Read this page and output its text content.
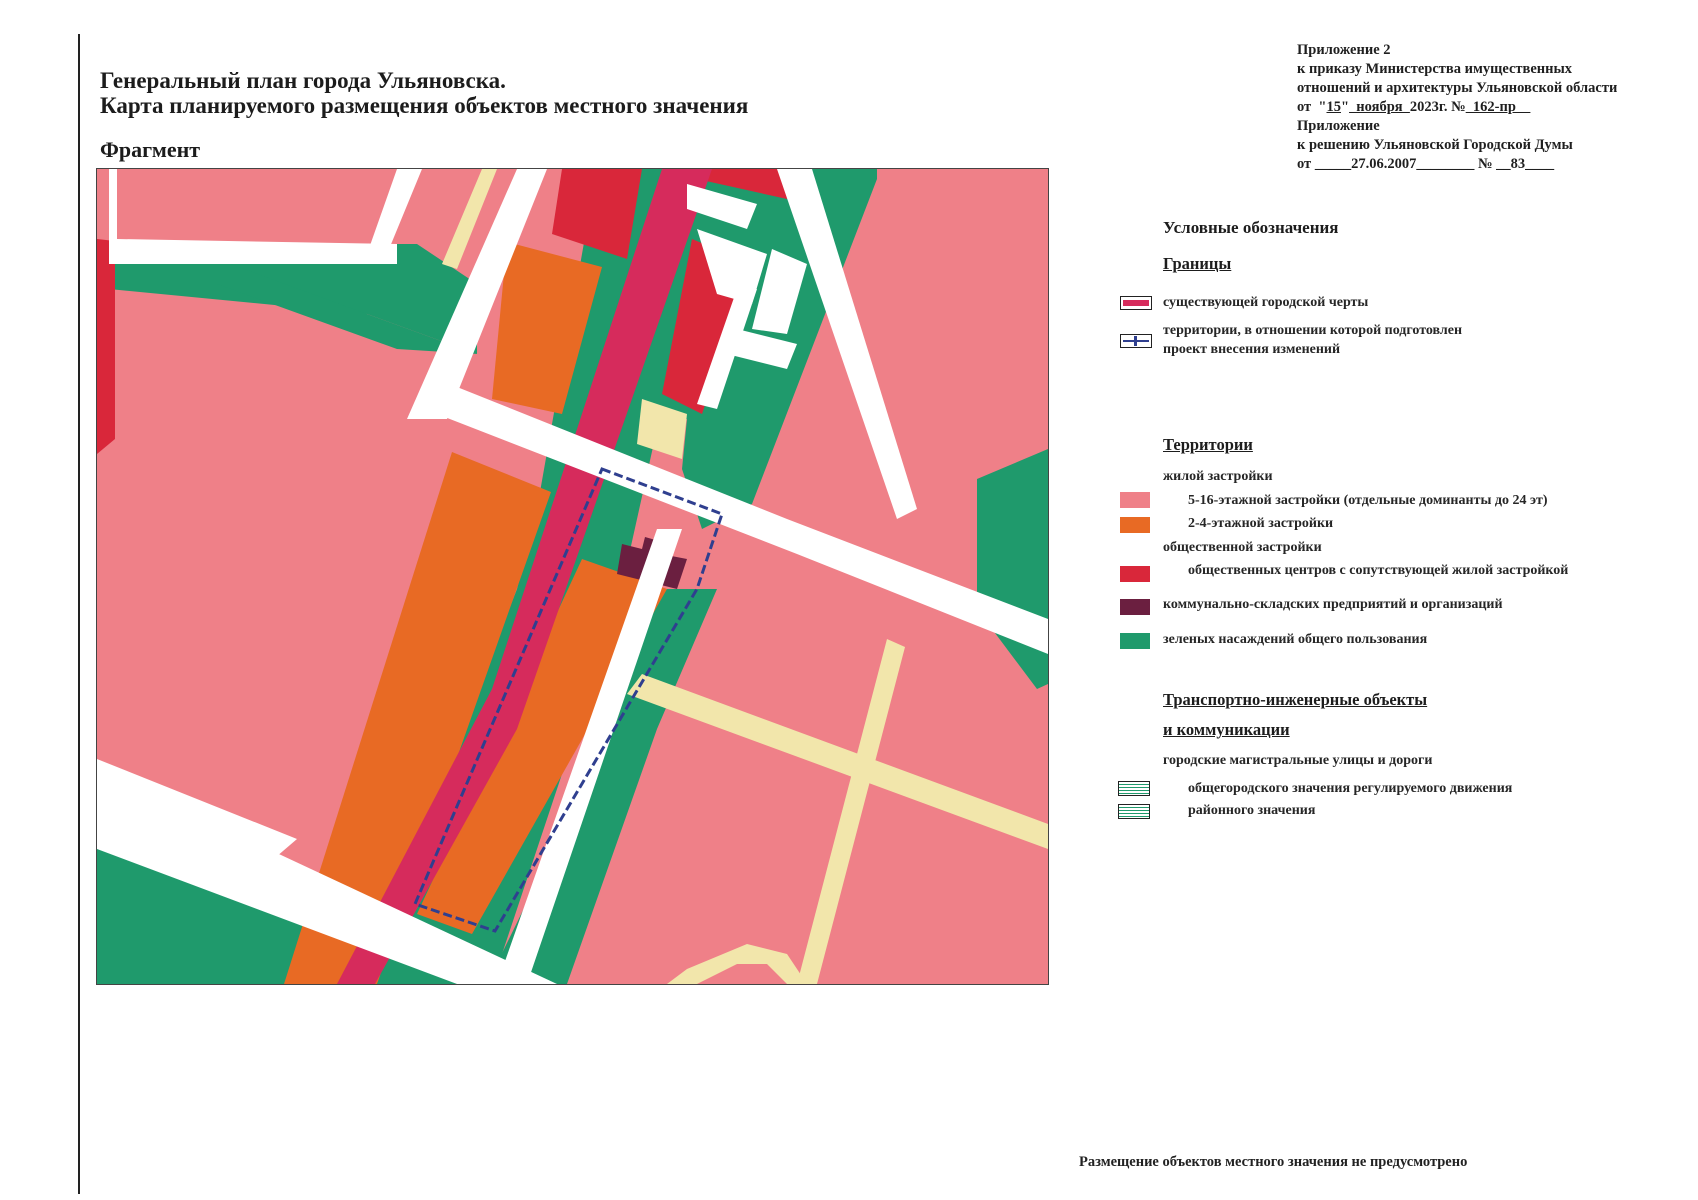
Генеральный план города Ульяновска.
Карта планируемого размещения объектов местного значения
Фрагмент
Приложение 2
к приказу Министерства имущественных
отношений и архитектуры Ульяновской области
от  "15"  ноября  2023г. №  162-пр
Приложение
к решению Ульяновской Городской Думы
от _____27.06.2007________ № __83____
Условные обозначения
Границы
существующей городской черты
территории, в отношении которой подготовлен
проект внесения изменений
Территории
жилой застройки
5-16-этажной застройки (отдельные доминанты до 24 эт)
2-4-этажной застройки
общественной застройки
общественных центров с сопутствующей жилой застройкой
коммунально-складских предприятий и организаций
зеленых насаждений общего пользования
Транспортно-инженерные объекты
и коммуникации
городские магистральные улицы и дороги
общегородского значения регулируемого движения
районного значения
Размещение объектов местного значения не предусмотрено
